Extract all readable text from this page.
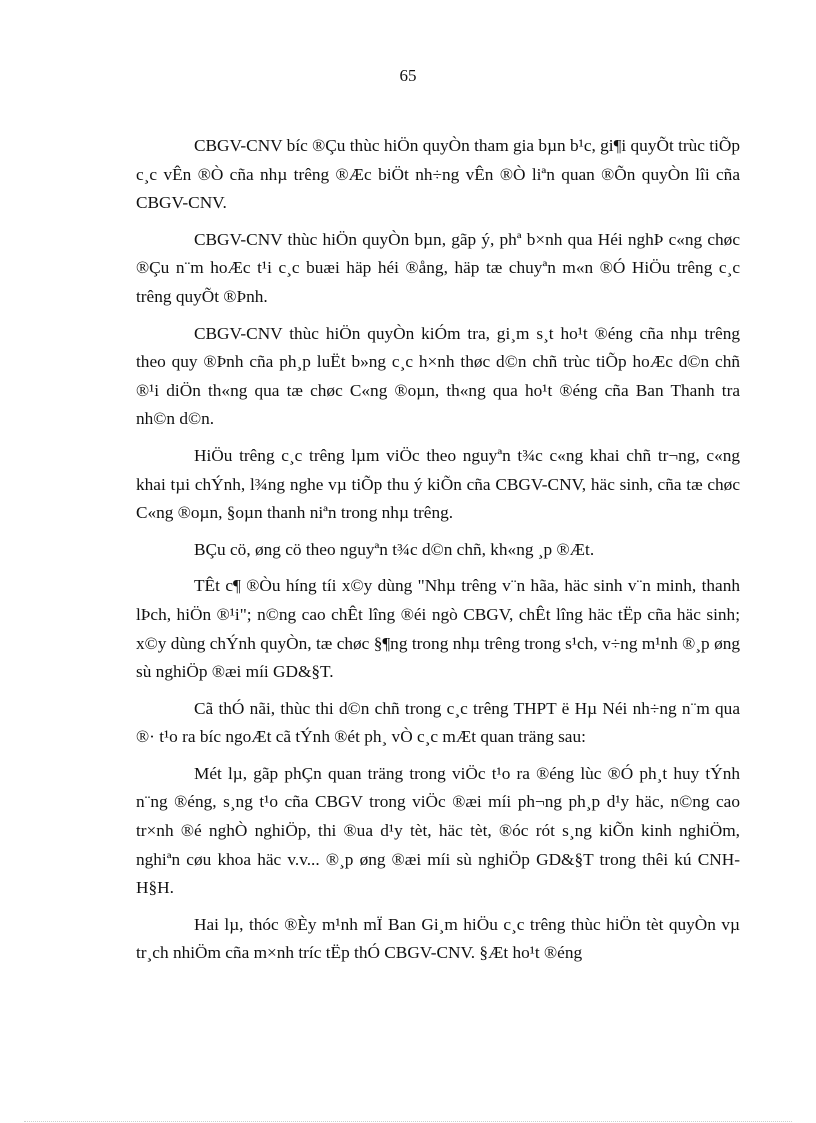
65

CBGV-CNV bíc ®Çu thùc hiÖn quyÒn tham gia bµn b¹c, gi¶i quyÕt trùc tiÕp c¸c vÊn ®Ò cña nhµ trêng ®Æc biÖt nh÷ng vÊn ®Ò liªn quan ®Õn quyÒn lîi cña CBGV-CNV.

CBGV-CNV thùc hiÖn quyÒn bµn, gãp ý, phª b×nh qua Héi nghÞ c«ng chøc ®Çu n¨m hoÆc t¹i c¸c buæi häp héi ®ång, häp tæ chuyªn m«n ®Ó HiÖu trêng c¸c trêng quyÕt ®Þnh.

CBGV-CNV thùc hiÖn quyÒn kiÓm tra, gi¸m s¸t ho¹t ®éng cña nhµ trêng theo quy ®Þnh cña ph¸p luËt b»ng c¸c h×nh thøc d©n chñ trùc tiÕp hoÆc d©n chñ ®¹i diÖn th«ng qua tæ chøc C«ng ®oµn, th«ng qua ho¹t ®éng cña Ban Thanh tra nh©n d©n.

HiÖu trêng c¸c trêng lµm viÖc theo nguyªn t¾c c«ng khai chñ tr¬ng, c«ng khai tµi chÝnh, l¾ng nghe vµ tiÕp thu ý kiÕn cña CBGV-CNV, häc sinh, cña tæ chøc C«ng ®oµn, §oµn thanh niªn trong nhµ trêng.

BÇu cö, øng cö theo nguyªn t¾c d©n chñ, kh«ng ¸p ®Æt.

TÊt c¶ ®Òu híng tíi x©y dùng "Nhµ trêng v¨n hãa, häc sinh v¨n minh, thanh lÞch, hiÖn ®¹i"; n©ng cao chÊt lîng ®éi ngò CBGV, chÊt lîng häc tËp cña häc sinh; x©y dùng chÝnh quyÒn, tæ chøc §¶ng trong nhµ trêng trong s¹ch, v÷ng m¹nh ®¸p øng sù nghiÖp ®æi míi GD&§T.

Cã thÓ nãi, thùc thi d©n chñ trong c¸c trêng THPT ë Hµ Néi nh÷ng n¨m qua ®· t¹o ra bíc ngoÆt cã tÝnh ®ét ph¸ vÒ c¸c mÆt quan träng sau:

Mét lµ, gãp phÇn quan träng trong viÖc t¹o ra ®éng lùc ®Ó ph¸t huy tÝnh n¨ng ®éng, s¸ng t¹o cña CBGV trong viÖc ®æi míi ph¬ng ph¸p d¹y häc, n©ng cao tr×nh ®é nghÒ nghiÖp, thi ®ua d¹y tèt, häc tèt, ®óc rót s¸ng kiÕn kinh nghiÖm, nghiªn cøu khoa häc v.v... ®¸p øng ®æi míi sù nghiÖp GD&§T trong thêi kú CNH-H§H.

Hai lµ, thóc ®Èy m¹nh mÏ Ban Gi¸m hiÖu c¸c trêng thùc hiÖn tèt quyÒn vµ tr¸ch nhiÖm cña m×nh tríc tËp thÓ CBGV-CNV. §Æt ho¹t ®éng
